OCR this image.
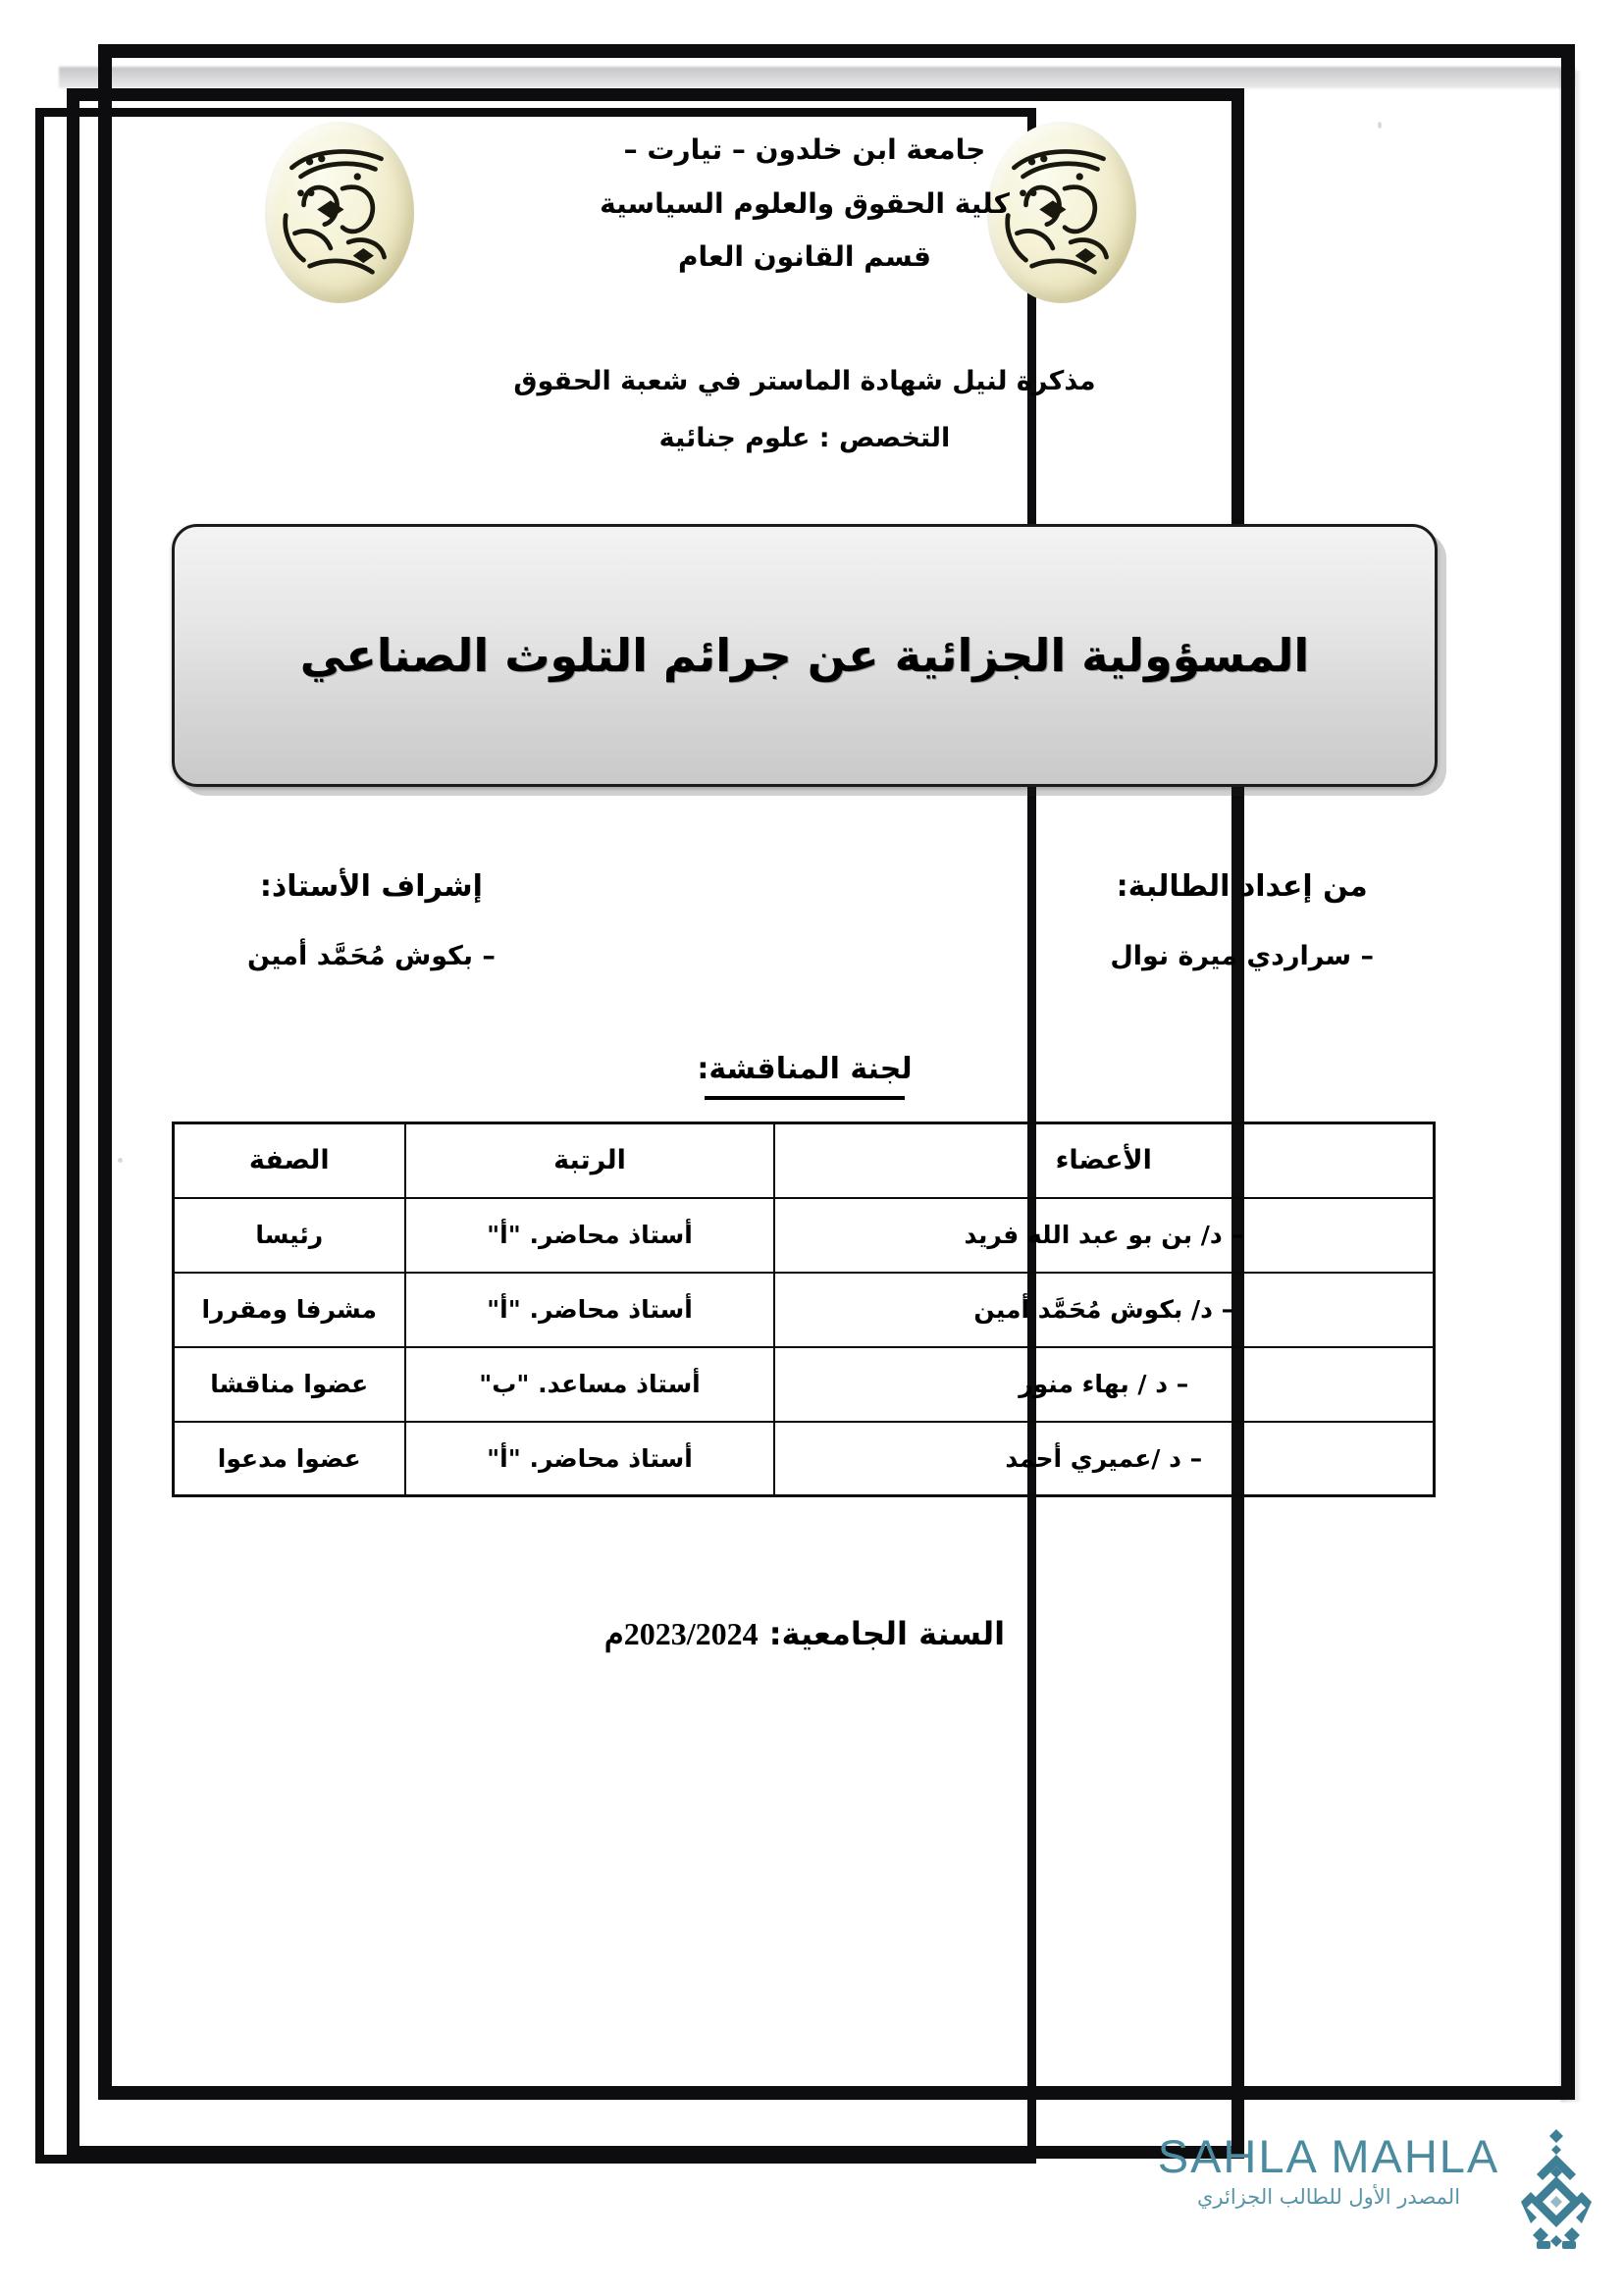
جامعة ابن خلدون – تيارت –
كلية الحقوق والعلوم السياسية
قسم القانون العام
مذكرة لنيل شهادة الماستر في شعبة الحقوق
التخصص : علوم جنائية
المسؤولية الجزائية عن جرائم التلوث الصناعي
من إعداد الطالبة:
– سراردي ميرة نوال
إشراف الأستاذ:
– بكوش مُحَمَّد أمين
لجنة المناقشة:
الأعضاء	الرتبة	الصفة
– د/ بن بو عبد الله فريد	أستاذ محاضر. "أ"	رئيسا
– د/ بكوش مُحَمَّد أمين	أستاذ محاضر. "أ"	مشرفا ومقررا
– د / بهاء منور	أستاذ مساعد. "ب"	عضوا مناقشا
– د /عميري أحمد	أستاذ محاضر. "أ"	عضوا مدعوا
السنة الجامعية: 2023/2024م
SAHLA MAHLA
المصدر الأول للطالب الجزائري
